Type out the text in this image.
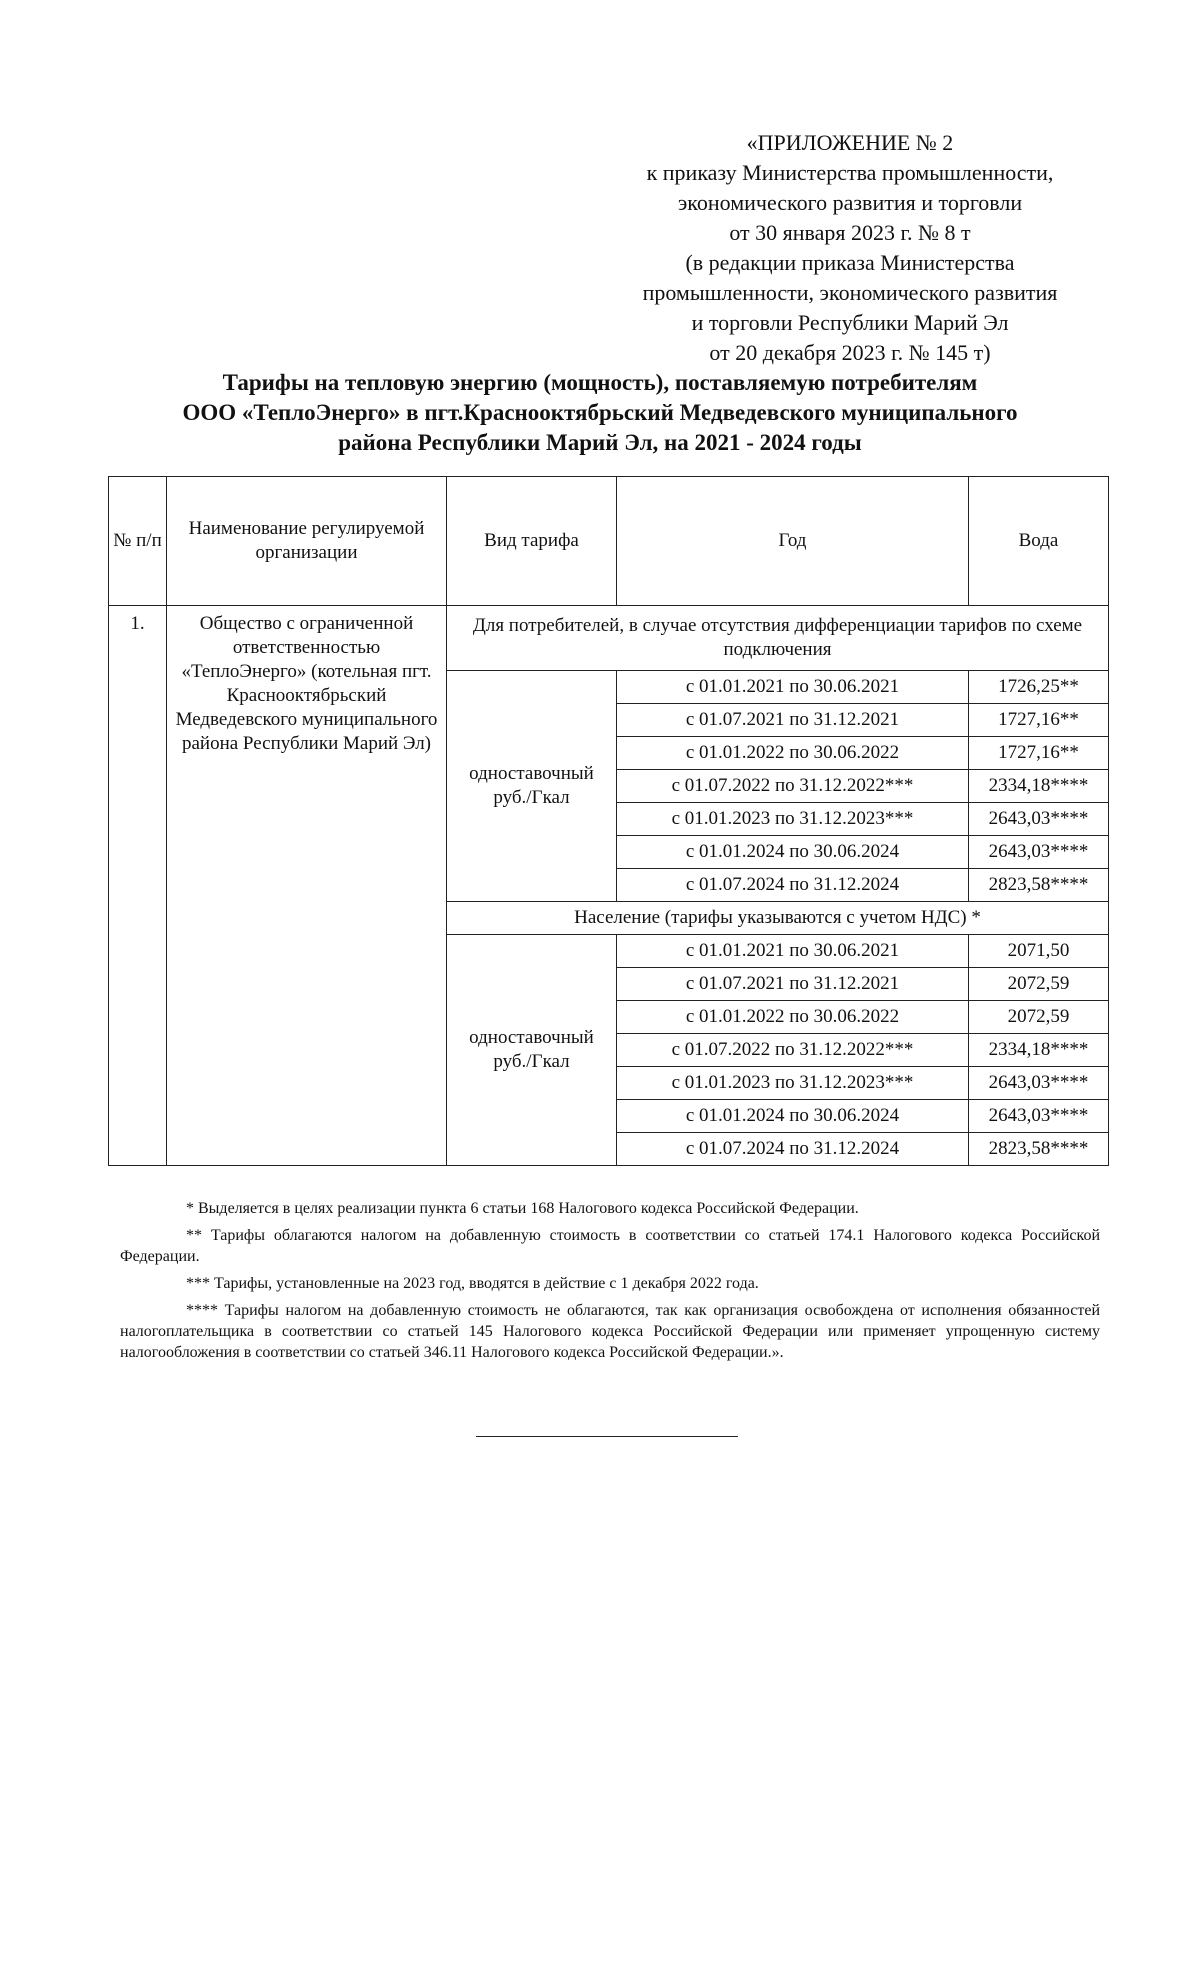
«ПРИЛОЖЕНИЕ № 2
к приказу Министерства промышленности,
экономического развития и торговли
от 30 января 2023 г. № 8 т
(в редакции приказа Министерства
промышленности, экономического развития
и торговли Республики Марий Эл
от 20 декабря 2023 г. № 145 т)
Тарифы на тепловую энергию (мощность), поставляемую потребителям
ООО «ТеплоЭнерго» в пгт.Краснооктябрьский Медведевского муниципального
района Республики Марий Эл, на 2021 - 2024 годы
№ п/п	Наименование регулируемой организации	Вид тарифа	Год	Вода
1.	Общество с ограниченной ответственностью «ТеплоЭнерго» (котельная пгт. Краснооктябрьский Медведевского муниципального района Республики Марий Эл)	Для потребителей, в случае отсутствия дифференциации тарифов по схеме подключения		
		одноставочный руб./Гкал	с 01.01.2021 по 30.06.2021	1726,25**
			с 01.07.2021 по 31.12.2021	1727,16**
			с 01.01.2022 по 30.06.2022	1727,16**
			с 01.07.2022 по 31.12.2022***	2334,18****
			с 01.01.2023 по 31.12.2023***	2643,03****
			с 01.01.2024 по 30.06.2024	2643,03****
			с 01.07.2024 по 31.12.2024	2823,58****
		Население (тарифы указываются с учетом НДС) *		
		одноставочный руб./Гкал	с 01.01.2021 по 30.06.2021	2071,50
			с 01.07.2021 по 31.12.2021	2072,59
			с 01.01.2022 по 30.06.2022	2072,59
			с 01.07.2022 по 31.12.2022***	2334,18****
			с 01.01.2023 по 31.12.2023***	2643,03****
			с 01.01.2024 по 30.06.2024	2643,03****
			с 01.07.2024 по 31.12.2024	2823,58****

* Выделяется в целях реализации пункта 6 статьи 168 Налогового кодекса Российской Федерации.

** Тарифы облагаются налогом на добавленную стоимость в соответствии со статьей 174.1 Налогового кодекса Российской Федерации.

*** Тарифы, установленные на 2023 год, вводятся в действие с 1 декабря 2022 года.

**** Тарифы налогом на добавленную стоимость не облагаются, так как организация освобождена от исполнения обязанностей налогоплательщика в соответствии со статьей 145 Налогового кодекса Российской Федерации или применяет упрощенную систему налогообложения в соответствии со статьей 346.11 Налогового кодекса Российской Федерации.».
